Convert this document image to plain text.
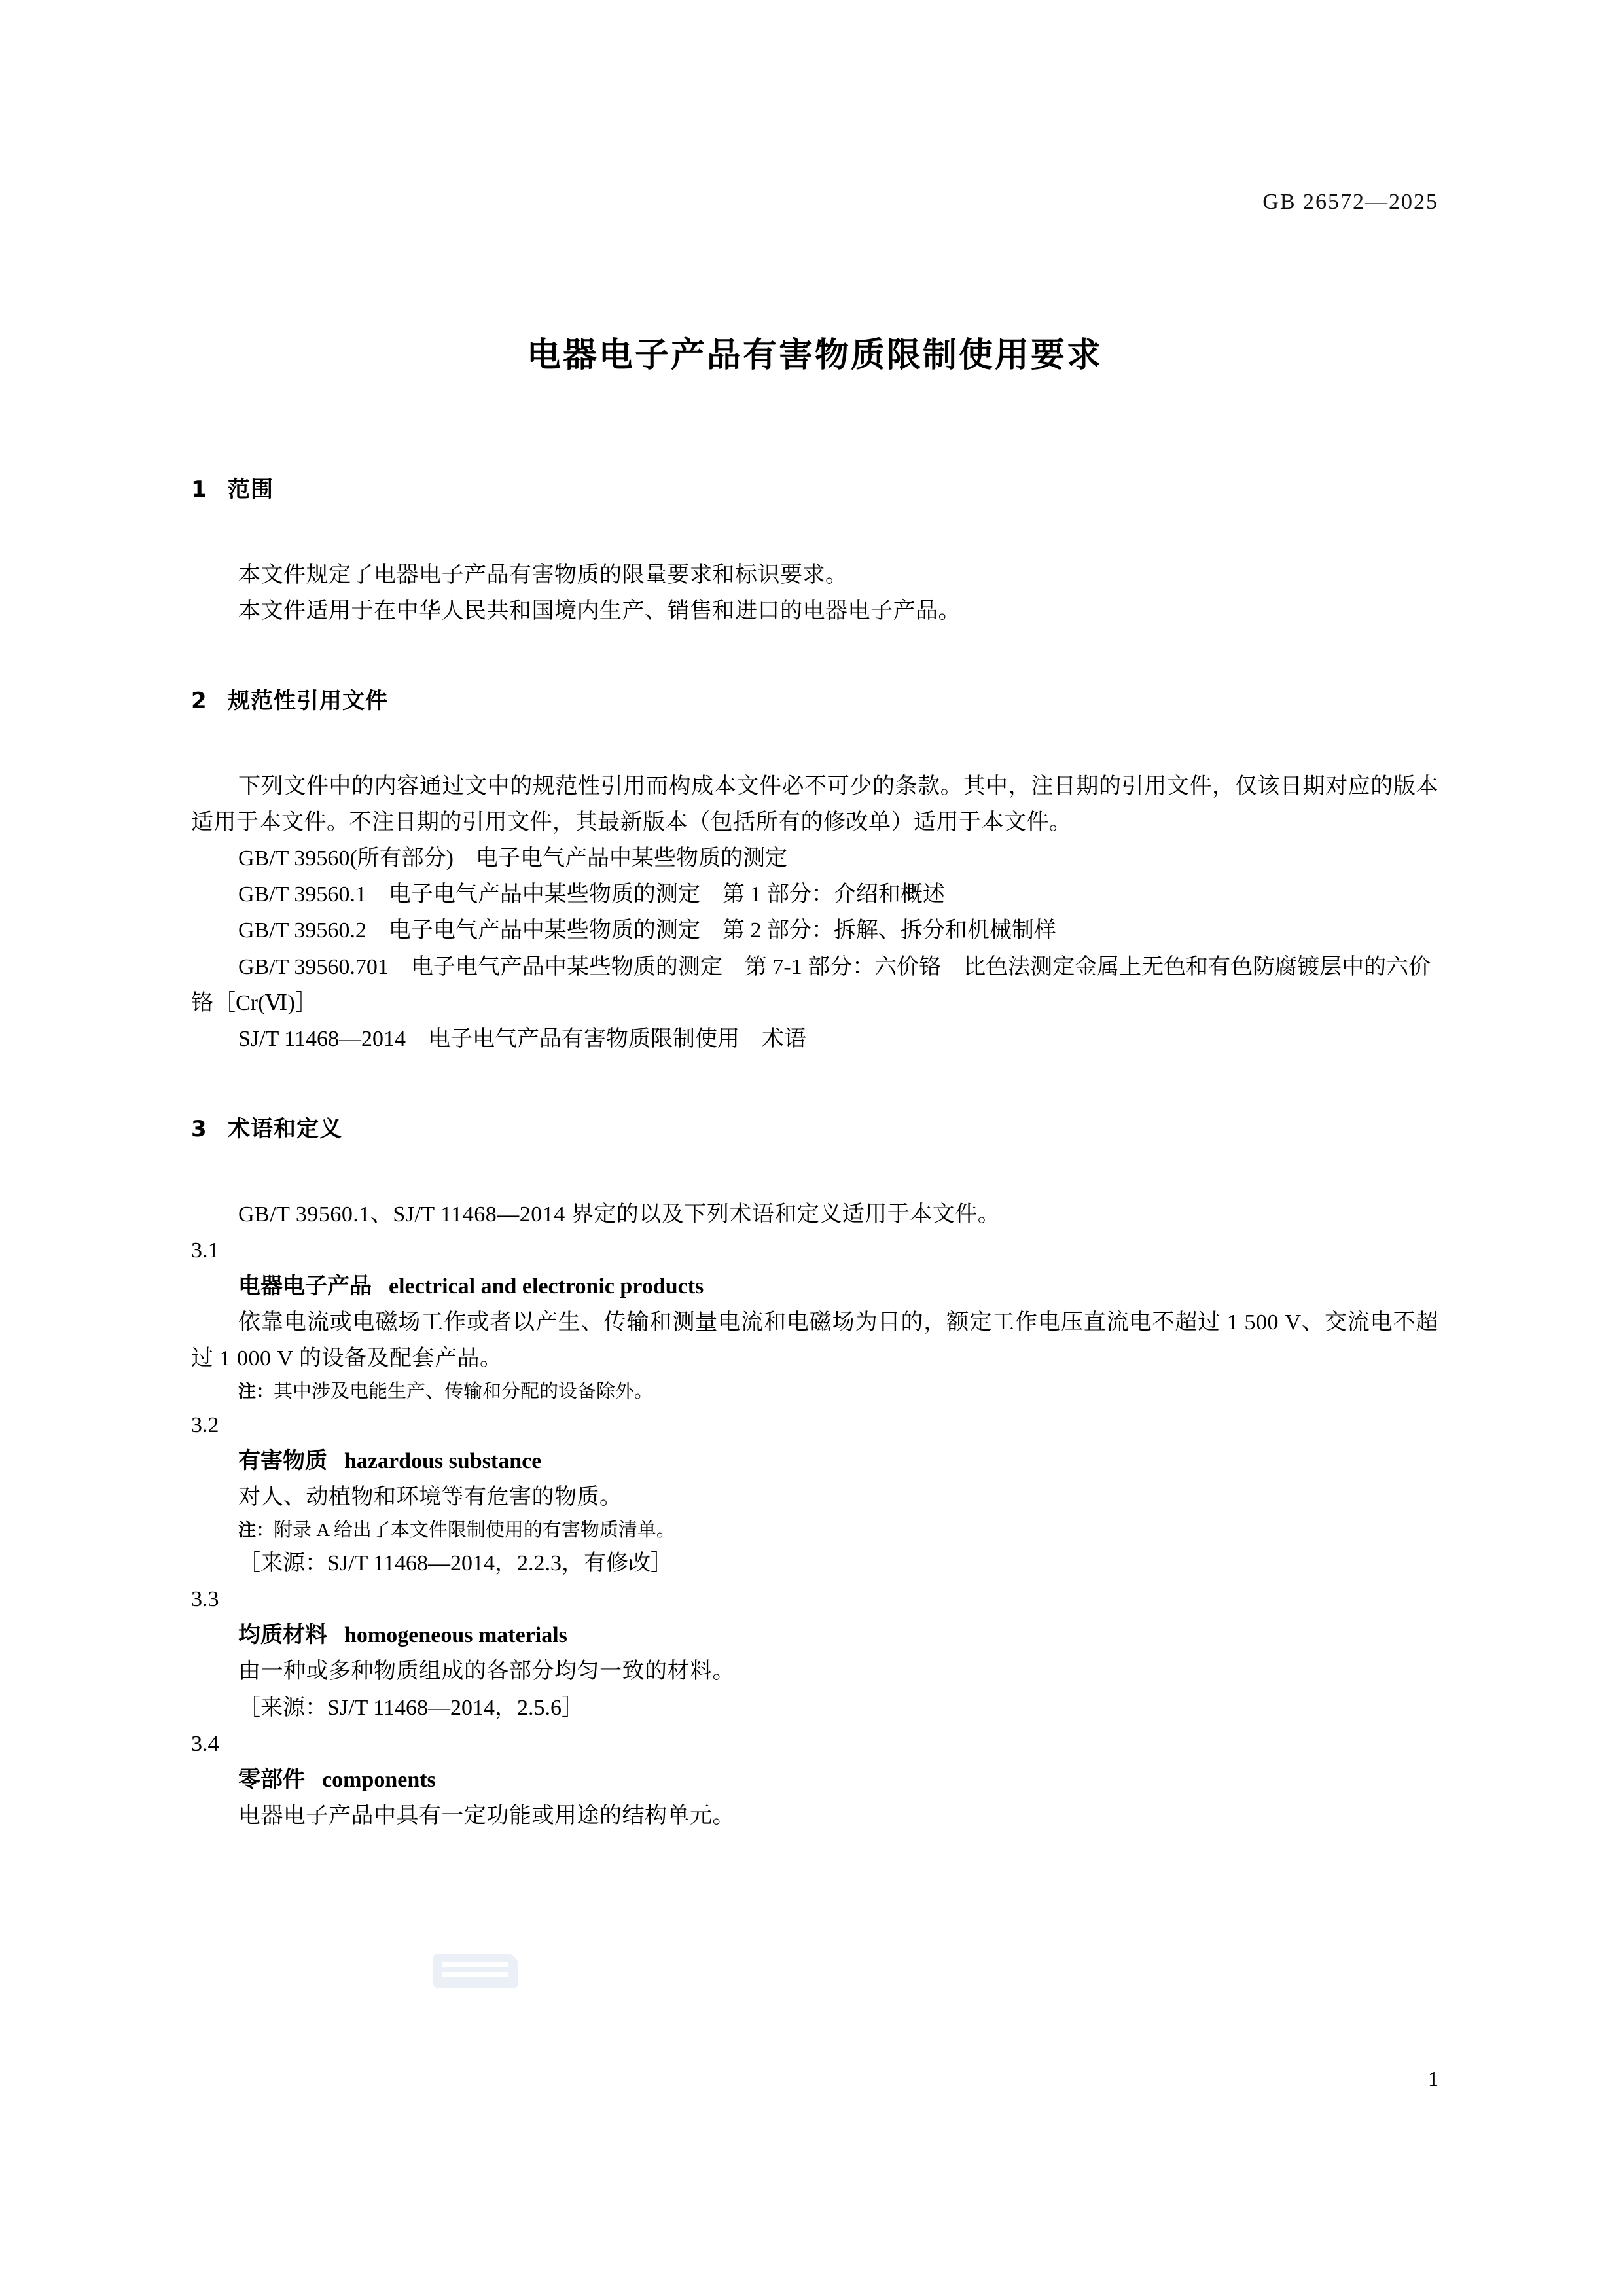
GB 26572—2025
电器电子产品有害物质限制使用要求
1 范围

本文件规定了电器电子产品有害物质的限量要求和标识要求。

本文件适用于在中华人民共和国境内生产、销售和进口的电器电子产品。

2 规范性引用文件

下列文件中的内容通过文中的规范性引用而构成本文件必不可少的条款。其中，注日期的引用文件，仅该日期对应的版本适用于本文件。不注日期的引用文件，其最新版本（包括所有的修改单）适用于本文件。

GB/T 39560(所有部分)　电子电气产品中某些物质的测定

GB/T 39560.1　电子电气产品中某些物质的测定　第 1 部分：介绍和概述

GB/T 39560.2　电子电气产品中某些物质的测定　第 2 部分：拆解、拆分和机械制样

GB/T 39560.701　电子电气产品中某些物质的测定　第 7-1 部分：六价铬　比色法测定金属上无色和有色防腐镀层中的六价铬［Cr(Ⅵ)］

SJ/T 11468—2014　电子电气产品有害物质限制使用　术语

3 术语和定义

GB/T 39560.1、SJ/T 11468—2014 界定的以及下列术语和定义适用于本文件。

3.1

电器电子产品 electrical and electronic products

依靠电流或电磁场工作或者以产生、传输和测量电流和电磁场为目的，额定工作电压直流电不超过 1 500 V、交流电不超过 1 000 V 的设备及配套产品。

注：其中涉及电能生产、传输和分配的设备除外。

3.2

有害物质 hazardous substance

对人、动植物和环境等有危害的物质。

注：附录 A 给出了本文件限制使用的有害物质清单。

［来源：SJ/T 11468—2014，2.2.3，有修改］

3.3

均质材料 homogeneous materials

由一种或多种物质组成的各部分均匀一致的材料。

［来源：SJ/T 11468—2014，2.5.6］

3.4

零部件 components

电器电子产品中具有一定功能或用途的结构单元。

1
